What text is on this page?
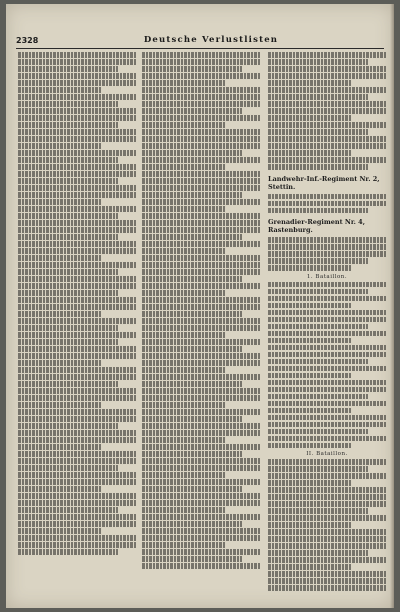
2328	Deutsche Verlustlisten
Landwehr-Inf.-Regiment Nr. 2, Stettin.
Grenadier-Regiment Nr. 4, Rastenburg.
1. Bataillon.
II. Bataillon.
